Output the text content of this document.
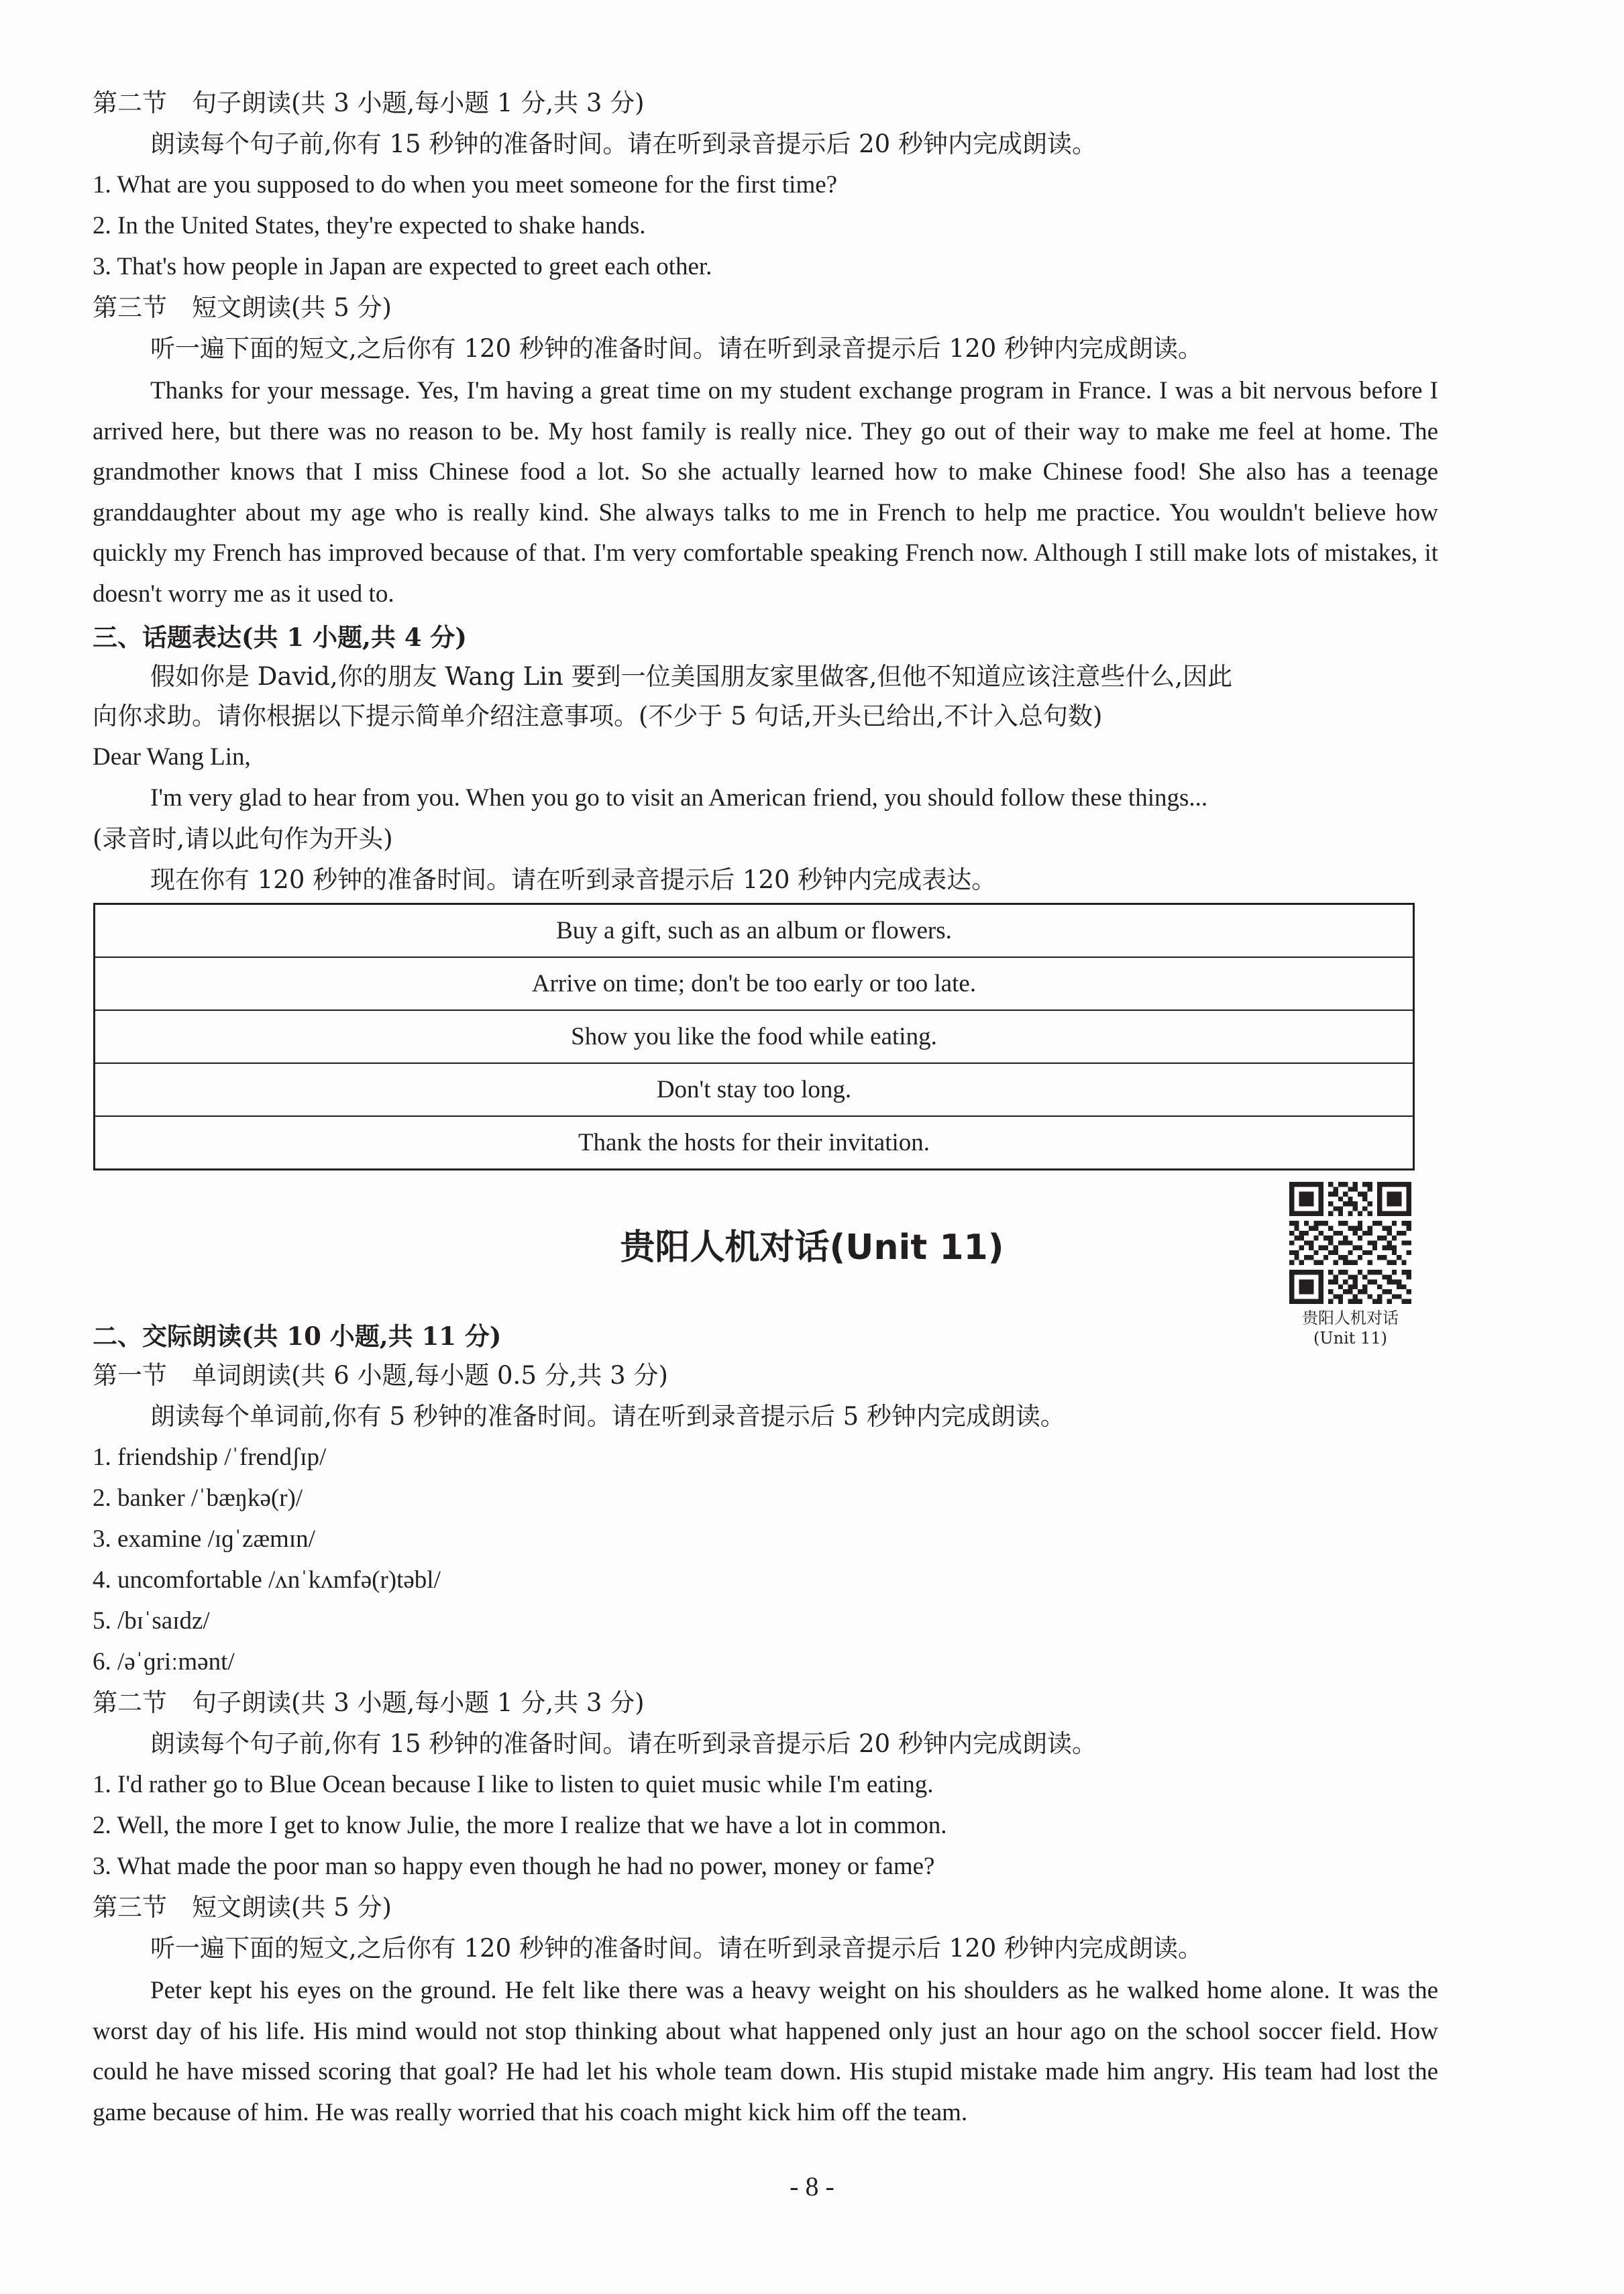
第二节　句子朗读(共 3 小题,每小题 1 分,共 3 分)
朗读每个句子前,你有 15 秒钟的准备时间。请在听到录音提示后 20 秒钟内完成朗读。
1. What are you supposed to do when you meet someone for the first time?
2. In the United States, they're expected to shake hands.
3. That's how people in Japan are expected to greet each other.
第三节　短文朗读(共 5 分)
听一遍下面的短文,之后你有 120 秒钟的准备时间。请在听到录音提示后 120 秒钟内完成朗读。
Thanks for your message. Yes, I'm having a great time on my student exchange program in France. I was a bit nervous before I arrived here, but there was no reason to be. My host family is really nice. They go out of their way to make me feel at home. The grandmother knows that I miss Chinese food a lot. So she actually learned how to make Chinese food! She also has a teenage granddaughter about my age who is really kind. She always talks to me in French to help me practice. You wouldn't believe how quickly my French has improved because of that. I'm very comfortable speaking French now. Although I still make lots of mistakes, it doesn't worry me as it used to.
三、话题表达(共 1 小题,共 4 分)
假如你是 David,你的朋友 Wang Lin 要到一位美国朋友家里做客,但他不知道应该注意些什么,因此
向你求助。请你根据以下提示简单介绍注意事项。(不少于 5 句话,开头已给出,不计入总句数)
Dear Wang Lin,
I'm very glad to hear from you. When you go to visit an American friend, you should follow these things...
(录音时,请以此句作为开头)
现在你有 120 秒钟的准备时间。请在听到录音提示后 120 秒钟内完成表达。
Buy a gift, such as an album or flowers.
Arrive on time; don't be too early or too late.
Show you like the food while eating.
Don't stay too long.
Thank the hosts for their invitation.
贵阳人机对话(Unit 11)
贵阳人机对话
(Unit 11)
二、交际朗读(共 10 小题,共 11 分)
第一节　单词朗读(共 6 小题,每小题 0.5 分,共 3 分)
朗读每个单词前,你有 5 秒钟的准备时间。请在听到录音提示后 5 秒钟内完成朗读。
1. friendship /ˈfrendʃɪp/
2. banker /ˈbæŋkə(r)/
3. examine /ɪɡˈzæmɪn/
4. uncomfortable /ʌnˈkʌmfə(r)təbl/
5. /bɪˈsaɪdz/
6. /əˈɡriːmənt/
第二节　句子朗读(共 3 小题,每小题 1 分,共 3 分)
朗读每个句子前,你有 15 秒钟的准备时间。请在听到录音提示后 20 秒钟内完成朗读。
1. I'd rather go to Blue Ocean because I like to listen to quiet music while I'm eating.
2. Well, the more I get to know Julie, the more I realize that we have a lot in common.
3. What made the poor man so happy even though he had no power, money or fame?
第三节　短文朗读(共 5 分)
听一遍下面的短文,之后你有 120 秒钟的准备时间。请在听到录音提示后 120 秒钟内完成朗读。
Peter kept his eyes on the ground. He felt like there was a heavy weight on his shoulders as he walked home alone. It was the worst day of his life. His mind would not stop thinking about what happened only just an hour ago on the school soccer field. How could he have missed scoring that goal? He had let his whole team down. His stupid mistake made him angry. His team had lost the game because of him. He was really worried that his coach might kick him off the team.
- 8 -
